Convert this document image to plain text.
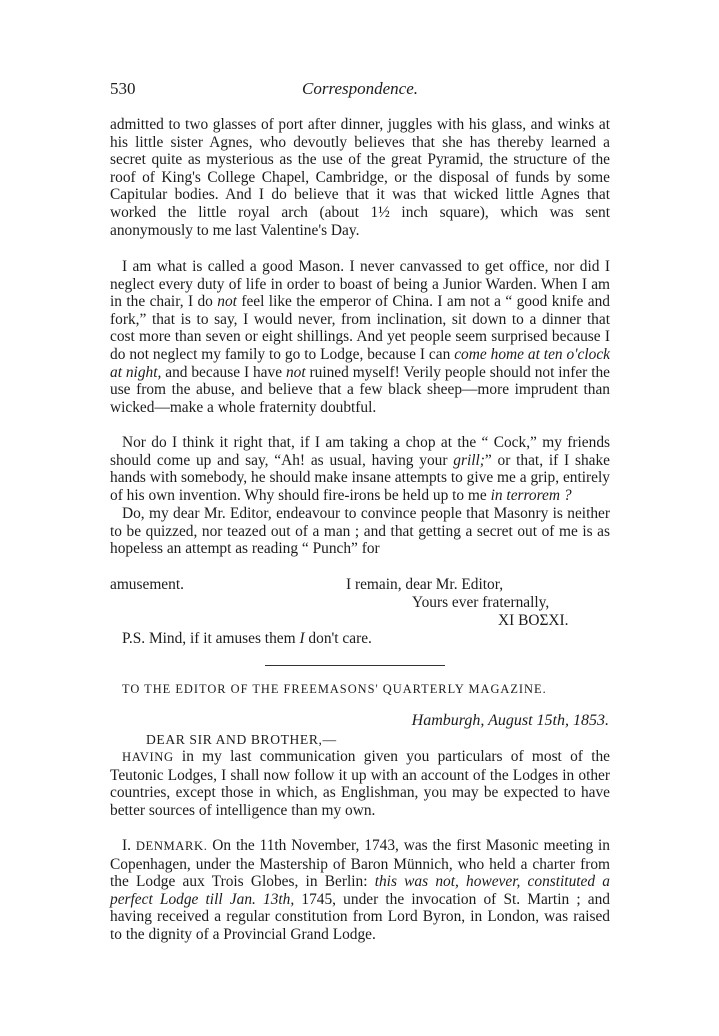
530	Correspondence.

admitted to two glasses of port after dinner, juggles with his glass, and winks at his little sister Agnes, who devoutly believes that she has thereby learned a secret quite as mysterious as the use of the great Pyramid, the structure of the roof of King's College Chapel, Cambridge, or the disposal of funds by some Capitular bodies. And I do believe that it was that wicked little Agnes that worked the little royal arch (about 1½ inch square), which was sent anonymously to me last Valentine's Day.

I am what is called a good Mason. I never canvassed to get office, nor did I neglect every duty of life in order to boast of being a Junior Warden. When I am in the chair, I do not feel like the emperor of China. I am not a “ good knife and fork,” that is to say, I would never, from inclination, sit down to a dinner that cost more than seven or eight shillings. And yet people seem surprised because I do not neglect my family to go to Lodge, because I can come home at ten o'clock at night, and because I have not ruined myself! Verily people should not infer the use from the abuse, and believe that a few black sheep—more imprudent than wicked—make a whole fraternity doubtful.

Nor do I think it right that, if I am taking a chop at the “ Cock,” my friends should come up and say, “Ah! as usual, having your grill;” or that, if I shake hands with somebody, he should make insane attempts to give me a grip, entirely of his own invention. Why should fire-irons be held up to me in terrorem ?

Do, my dear Mr. Editor, endeavour to convince people that Masonry is neither to be quizzed, nor teazed out of a man ; and that getting a secret out of me is as hopeless an attempt as reading “ Punch” for

amusement.	I remain, dear Mr. Editor,
Yours ever fraternally,
XI BOΣXI.
P.S. Mind, if it amuses them I don't care.
TO THE EDITOR OF THE FREEMASONS' QUARTERLY MAGAZINE.
Hamburgh, August 15th, 1853.
DEAR SIR AND BROTHER,—

HAVING in my last communication given you particulars of most of the Teutonic Lodges, I shall now follow it up with an account of the Lodges in other countries, except those in which, as Englishman, you may be expected to have better sources of intelligence than my own.

I. DENMARK. On the 11th November, 1743, was the first Masonic meeting in Copenhagen, under the Mastership of Baron Münnich, who held a charter from the Lodge aux Trois Globes, in Berlin: this was not, however, constituted a perfect Lodge till Jan. 13th, 1745, under the invocation of St. Martin ; and having received a regular constitution from Lord Byron, in London, was raised to the dignity of a Provincial Grand Lodge.
